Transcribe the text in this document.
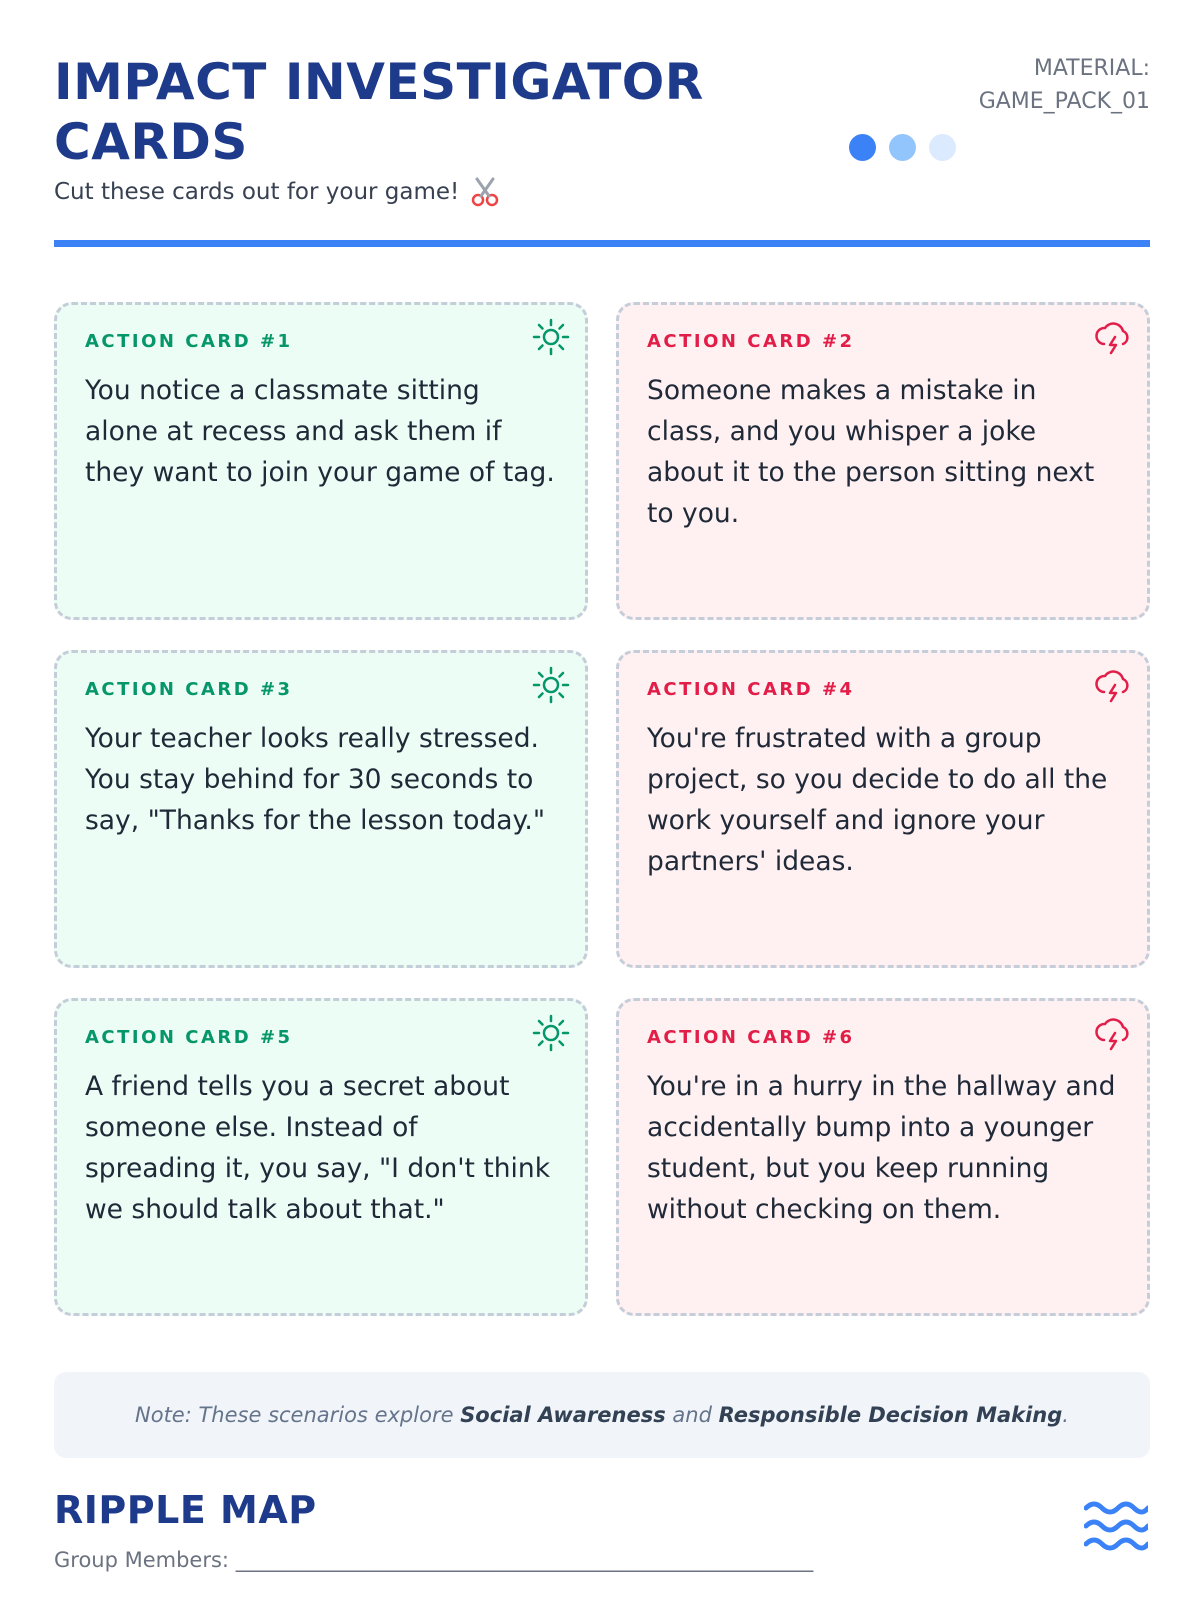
IMPACT INVESTIGATOR CARDS
Cut these cards out for your game!
MATERIAL:
GAME_PACK_01
ACTION CARD #1
You notice a classmate sitting alone at recess and ask them if they want to join your game of tag.
ACTION CARD #2
Someone makes a mistake in class, and you whisper a joke about it to the person sitting next to you.
ACTION CARD #3
Your teacher looks really stressed. You stay behind for 30 seconds to say, "Thanks for the lesson today."
ACTION CARD #4
You're frustrated with a group project, so you decide to do all the work yourself and ignore your partners' ideas.
ACTION CARD #5
A friend tells you a secret about someone else. Instead of spreading it, you say, "I don't think we should talk about that."
ACTION CARD #6
You're in a hurry in the hallway and accidentally bump into a younger student, but you keep running without checking on them.
Note: These scenarios explore Social Awareness and Responsible Decision Making.
RIPPLE MAP
Group Members: _______________________________________________________
